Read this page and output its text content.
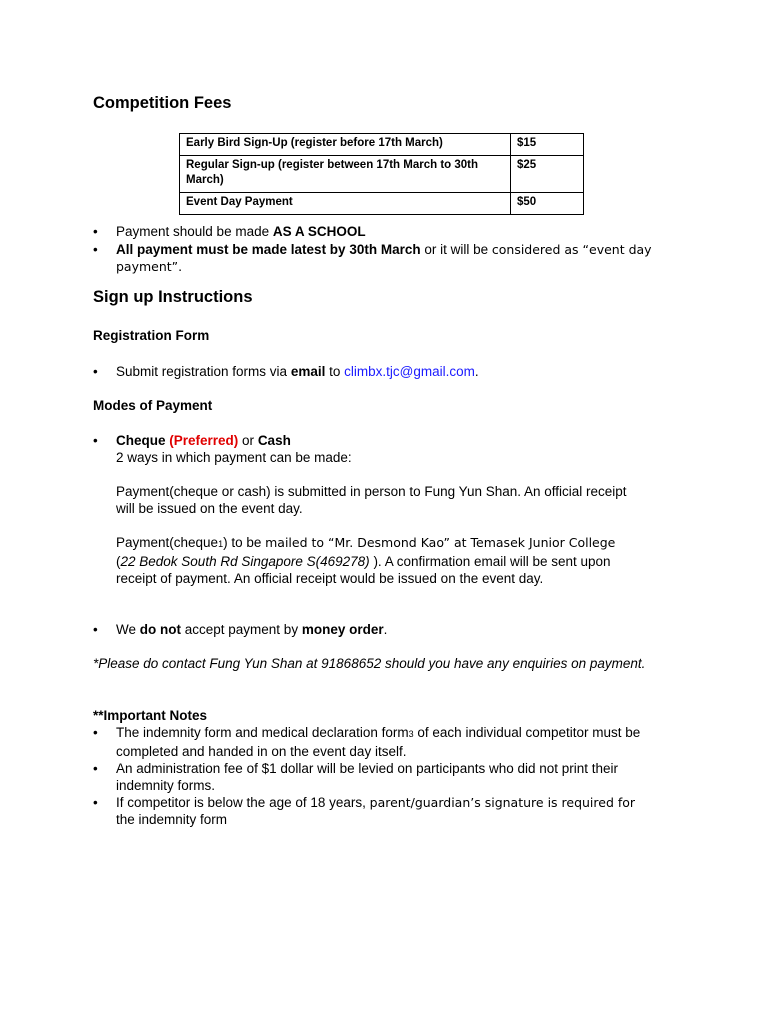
Competition Fees
Early Bird Sign-Up (register before 17th March)	$15
Regular Sign-up (register between 17th March to 30th March)	$25
Event Day Payment	$50
• Payment should be made AS A SCHOOL
• All payment must be made latest by 30th March or it will be considered as “event day payment”.
Sign up Instructions
Registration Form
• Submit registration forms via email to climbx.tjc@gmail.com.
Modes of Payment
• Cheque (Preferred) or Cash
2 ways in which payment can be made:
Payment(cheque or cash) is submitted in person to Fung Yun Shan. An official receipt
will be issued on the event day.
Payment(cheque1) to be mailed to “Mr. Desmond Kao” at Temasek Junior College
(22 Bedok South Rd Singapore S(469278) ). A confirmation email will be sent upon
receipt of payment. An official receipt would be issued on the event day.
• We do not accept payment by money order.
*Please do contact Fung Yun Shan at 91868652 should you have any enquiries on payment.
**Important Notes
• The indemnity form and medical declaration form3 of each individual competitor must be completed and handed in on the event day itself.
• An administration fee of $1 dollar will be levied on participants who did not print their indemnity forms.
• If competitor is below the age of 18 years, parent/guardian’s signature is required for
the indemnity form
